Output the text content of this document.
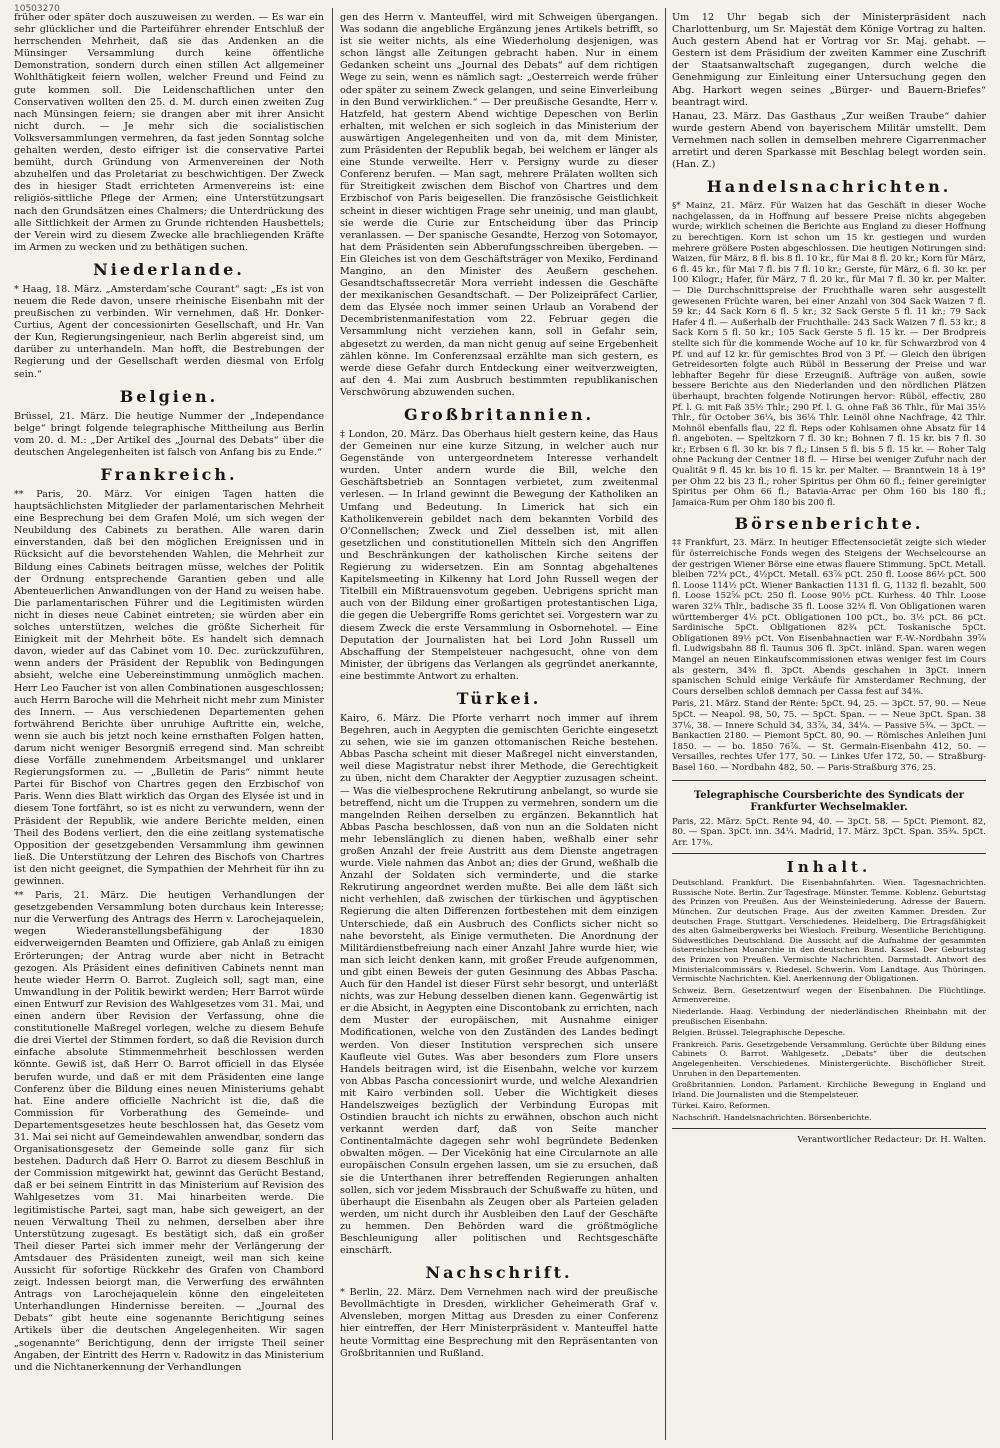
10503270

früher oder später doch auszuweisen zu werden. — Es war ein sehr glücklicher und die Parteiführer ehrender Entschluß der herrschenden Mehrheit, daß sie das Andenken an die Münsinger Versammlung durch keine öffentliche Demonstration, sondern durch einen stillen Act allgemeiner Wohlthätigkeit feiern wollen, welcher Freund und Feind zu gute kommen soll. Die Leidenschaftlichen unter den Conservativen wollten den 25. d. M. durch einen zweiten Zug nach Münsingen feiern; sie drangen aber mit ihrer Ansicht nicht durch. — Je mehr sich die socialistischen Volksversammlungen vermehren, da fast jeden Sonntag solche gehalten werden, desto eifriger ist die conservative Partei bemüht, durch Gründung von Armenvereinen der Noth abzuhelfen und das Proletariat zu beschwichtigen. Der Zweck des in hiesiger Stadt errichteten Armenvereins ist: eine religiös-sittliche Pflege der Armen; eine Unterstützungsart nach den Grundsätzen eines Chalmers; die Unterdrückung des alle Sittlichkeit der Armen zu Grunde richtenden Hausbettels; der Verein wird zu diesem Zwecke alle brachliegenden Kräfte im Armen zu wecken und zu bethätigen suchen.

Niederlande.

* Haag, 18. März. „Amsterdam'sche Courant“ sagt: „Es ist von neuem die Rede davon, unsere rheinische Eisenbahn mit der preußischen zu verbinden. Wir vernehmen, daß Hr. Donker-Curtius, Agent der concessionirten Gesellschaft, und Hr. Van der Kun, Regierungsingenieur, nach Berlin abgereist sind, um darüber zu unterhandeln. Man hofft, die Bestrebungen der Regierung und der Gesellschaft werden diesmal von Erfolg sein.“

Belgien.

Brüssel, 21. März. Die heutige Nummer der „Independance belge“ bringt folgende telegraphische Mittheilung aus Berlin vom 20. d. M.: „Der Artikel des „Journal des Debats“ über die deutschen Angelegenheiten ist falsch von Anfang bis zu Ende.“

Frankreich.

** Paris, 20. März. Vor einigen Tagen hatten die hauptsächlichsten Mitglieder der parlamentarischen Mehrheit eine Besprechung bei dem Grafen Molé, um sich wegen der Neubildung des Cabinets zu berathen. Alle waren darin einverstanden, daß bei den möglichen Ereignissen und in Rücksicht auf die bevorstehenden Wahlen, die Mehrheit zur Bildung eines Cabinets beitragen müsse, welches der Politik der Ordnung entsprechende Garantien geben und alle Abenteuerlichen Anwandlungen von der Hand zu weisen habe. Die parlamentarischen Führer und die Legitimisten würden nicht in dieses neue Cabinet eintreten; sie würden aber ein solches unterstützen, welches die größte Sicherheit für Einigkeit mit der Mehrheit böte. Es handelt sich demnach davon, wieder auf das Cabinet vom 10. Dec. zurückzuführen, wenn anders der Präsident der Republik von Bedingungen absieht, welche eine Uebereinstimmung unmöglich machen. Herr Leo Faucher ist von allen Combinationen ausgeschlossen; auch Herrn Baroche will die Mehrheit nicht mehr zum Minister des Innern. — Aus verschiedenen Departementen gehen fortwährend Berichte über unruhige Auftritte ein, welche, wenn sie auch bis jetzt noch keine ernsthaften Folgen hatten, darum nicht weniger Besorgniß erregend sind. Man schreibt diese Vorfälle zunehmendem Arbeitsmangel und unklarer Regierungsformen zu. — „Bulletin de Paris“ nimmt heute Partei für Bischof von Chartres gegen den Erzbischof von Paris. Wenn dies Blatt wirklich das Organ des Elysée ist und in diesem Tone fortfährt, so ist es nicht zu verwundern, wenn der Präsident der Republik, wie andere Berichte melden, einen Theil des Bodens verliert, den die eine zeitlang systematische Opposition der gesetzgebenden Versammlung ihm gewinnen ließ. Die Unterstützung der Lehren des Bischofs von Chartres ist den nicht geeignet, die Sympathien der Mehrheit für ihn zu gewinnen.

** Paris, 21. März. Die heutigen Verhandlungen der gesetzgebenden Versammlung boten durchaus kein Interesse; nur die Verwerfung des Antrags des Herrn v. Larochejaquelein, wegen Wiederanstellungsbefähigung der 1830 eidverweigernden Beamten und Offiziere, gab Anlaß zu einigen Erörterungen; der Antrag wurde aber nicht in Betracht gezogen. Als Präsident eines definitiven Cabinets nennt man heute wieder Herrn O. Barrot. Zugleich soll, sagt man, eine Umwandlung in der Politik bewirkt werden; Herr Barrot würde einen Entwurf zur Revision des Wahlgesetzes vom 31. Mai, und einen andern über Revision der Verfassung, ohne die constitutionelle Maßregel vorlegen, welche zu diesem Behufe die drei Viertel der Stimmen fordert, so daß die Revision durch einfache absolute Stimmenmehrheit beschlossen werden könnte. Gewiß ist, daß Herr O. Barrot officiell in das Elysée berufen wurde, und daß er mit dem Präsidenten eine lange Conferenz über die Bildung eines neuen Ministeriums gehabt hat. Eine andere officielle Nachricht ist die, daß die Commission für Vorberathung des Gemeinde- und Departementsgesetzes heute beschlossen hat, das Gesetz vom 31. Mai sei nicht auf Gemeindewahlen anwendbar, sondern das Organisationsgesetz der Gemeinde solle ganz für sich bestehen. Dadurch daß Herr O. Barrot zu diesem Beschluß in der Commission mitgewirkt hat, gewinnt das Gerücht Bestand, daß er bei seinem Eintritt in das Ministerium auf Revision des Wahlgesetzes vom 31. Mai hinarbeiten werde. Die legitimistische Partei, sagt man, habe sich geweigert, an der neuen Verwaltung Theil zu nehmen, derselben aber ihre Unterstützung zugesagt. Es bestätigt sich, daß ein großer Theil dieser Partei sich immer mehr der Verlängerung der Amtsdauer des Präsidenten zuneigt, weil man sich keine Aussicht für sofortige Rückkehr des Grafen von Chambord zeigt. Indessen beiorgt man, die Verwerfung des erwähnten Antrags von Larochejaquelein könne den eingeleiteten Unterhandlungen Hindernisse bereiten. — „Journal des Debats“ gibt heute eine sogenannte Berichtigung seines Artikels über die deutschen Angelegenheiten. Wir sagen „sogenannte“ Berichtigung, denn der irrigste Theil seiner Angaben, der Eintritt des Herrn v. Radowitz in das Ministerium und die Nichtanerkennung der Verhandlungen

gen des Herrn v. Manteuffel, wird mit Schweigen übergangen. Was sodann die angebliche Ergänzung jenes Artikels betrifft, so ist sie weiter nichts, als eine Wiederholung desjenigen, was schon längst alle Zeitungen gebracht haben. Nur in einem Gedanken scheint uns „Journal des Debats“ auf dem richtigen Wege zu sein, wenn es nämlich sagt: „Oesterreich werde früher oder später zu seinem Zweck gelangen, und seine Einverleibung in den Bund verwirklichen.“ — Der preußische Gesandte, Herr v. Hatzfeld, hat gestern Abend wichtige Depeschen von Berlin erhalten, mit welchen er sich sogleich in das Ministerium der auswärtigen Angelegenheiten und von da, mit dem Minister, zum Präsidenten der Republik begab, bei welchem er länger als eine Stunde verweilte. Herr v. Persigny wurde zu dieser Conferenz berufen. — Man sagt, mehrere Prälaten wollten sich für Streitigkeit zwischen dem Bischof von Chartres und dem Erzbischof von Paris beigesellen. Die französische Geistlichkeit scheint in dieser wichtigen Frage sehr uneinig, und man glaubt, sie werde die Curie zur Entscheidung über das Princip veranlassen. — Der spanische Gesandte, Herzog von Sotomayor, hat dem Präsidenten sein Abberufungsschreiben übergeben. — Ein Gleiches ist von dem Geschäftsträger von Mexiko, Ferdinand Mangino, an den Minister des Aeußern geschehen. Gesandtschaftssecretär Mora verrieht indessen die Geschäfte der mexikanischen Gesandtschaft. — Der Polizeipräfect Carlier, dem das Elysée noch immer seinen Urlaub an Vorabend der Decembristenmanifestation vom 22. Februar gegen die Versammlung nicht verziehen kann, soll in Gefahr sein, abgesetzt zu werden, da man nicht genug auf seine Ergebenheit zählen könne. Im Conferenzsaal erzählte man sich gestern, es werde diese Gefahr durch Entdeckung einer weitverzweigten, auf den 4. Mai zum Ausbruch bestimmten republikanischen Verschwörung abzuwenden suchen.

Großbritannien.

‡ London, 20. März. Das Oberhaus hielt gestern keine, das Haus der Gemeinen nur eine kurze Sitzung, in welcher auch nur Gegenstände von untergeordnetem Interesse verhandelt wurden. Unter andern wurde die Bill, welche den Geschäftsbetrieb an Sonntagen verbietet, zum zweitenmal verlesen. — In Irland gewinnt die Bewegung der Katholiken an Umfang und Bedeutung. In Limerick hat sich ein Katholikenverein gebildet nach dem bekannten Vorbild des O'Connellschen; Zweck und Ziel desselben ist, mit allen gesetzlichen und constitutionellen Mitteln sich den Angriffen und Beschränkungen der katholischen Kirche seitens der Regierung zu widersetzen. Ein am Sonntag abgehaltenes Kapitelsmeeting in Kilkenny hat Lord John Russell wegen der Titelbill ein Mißtrauensvotum gegeben. Uebrigens spricht man auch von der Bildung einer großartigen protestantischen Liga, die gegen die Uebergriffe Roms gerichtet sei. Vorgestern war zu diesem Zweck die erste Versammlung in Osbornehotel. — Eine Deputation der Journalisten hat bei Lord John Russell um Abschaffung der Stempelsteuer nachgesucht, ohne von dem Minister, der übrigens das Verlangen als gegründet anerkannte, eine bestimmte Antwort zu erhalten.

Türkei.

Kairo, 6. März. Die Pforte verharrt noch immer auf ihrem Begehren, auch in Aegypten die gemischten Gerichte eingesetzt zu sehen, wie sie im ganzen ottomanischen Reiche bestehen. Abbas Pascha scheint mit dieser Maßregel nicht einverstanden, weil diese Magistratur nebst ihrer Methode, die Gerechtigkeit zu üben, nicht dem Charakter der Aegyptier zuzusagen scheint. — Was die vielbesprochene Rekrutirung anbelangt, so wurde sie betreffend, nicht um die Truppen zu vermehren, sondern um die mangelnden Reihen derselben zu ergänzen. Bekanntlich hat Abbas Pascha beschlossen, daß von nun an die Soldaten nicht mehr lebenslänglich zu dienen haben, weßhalb einer sehr großen Anzahl der freie Austritt aus dem Dienste angetragen wurde. Viele nahmen das Anbot an; dies der Grund, weßhalb die Anzahl der Soldaten sich verminderte, und die starke Rekrutirung angeordnet werden mußte. Bei alle dem läßt sich nicht verhehlen, daß zwischen der türkischen und ägyptischen Regierung die alten Differenzen fortbestehen mit dem einzigen Unterschiede, daß ein Ausbruch des Conflicts sicher nicht so nahe bevorsteht, als Einige vermutheten. Die Anordnung der Militärdienstbefreiung nach einer Anzahl Jahre wurde hier, wie man sich leicht denken kann, mit großer Freude aufgenommen, und gibt einen Beweis der guten Gesinnung des Abbas Pascha. Auch für den Handel ist dieser Fürst sehr besorgt, und unterläßt nichts, was zur Hebung desselben dienen kann. Gegenwärtig ist er die Absicht, in Aegypten eine Discontobank zu errichten, nach dem Muster der europäischen, mit Ausnahme einiger Modificationen, welche von den Zuständen des Landes bedingt werden. Von dieser Institution versprechen sich unsere Kaufleute viel Gutes. Was aber besonders zum Flore unsers Handels beitragen wird, ist die Eisenbahn, welche vor kurzem von Abbas Pascha concessionirt wurde, und welche Alexandrien mit Kairo verbinden soll. Ueber die Wichtigkeit dieses Handelszweiges bezüglich der Verbindung Europas mit Ostindien braucht ich nichts zu erwähnen, obschon auch nicht verkannt werden darf, daß von Seite mancher Continentalmächte dagegen sehr wohl begründete Bedenken obwalten mögen. — Der Vicekönig hat eine Circularnote an alle europäischen Consuln ergehen lassen, um sie zu ersuchen, daß sie die Unterthanen ihrer betreffenden Regierungen anhalten sollen, sich vor jedem Missbrauch der Schußwaffe zu hüten, und überhaupt die Eisenbahn als Zeugen ober als Parteien geladen werden, um nicht durch ihr Ausbleiben den Lauf der Geschäfte zu hemmen. Den Behörden ward die größtmögliche Beschleunigung aller politischen und Rechtsgeschäfte einschärft.

Nachschrift.

* Berlin, 22. März. Dem Vernehmen nach wird der preußische Bevollmächtigte in Dresden, wirklicher Geheimerath Graf v. Alvensleben, morgen Mittag aus Dresden zu einer Conferenz hier eintreffen, der Herr Ministerpräsident v. Manteuffel hatte heute Vormittag eine Besprechung mit den Repräsentanten von Großbritannien und Rußland.

Um 12 Uhr begab sich der Ministerpräsident nach Charlottenburg, um Sr. Majestät dem Könige Vortrag zu halten. Auch gestern Abend hat er Vortrag vor Sr. Maj. gehabt. — Gestern ist dem Präsidium der zweiten Kammer eine Zuschrift der Staatsanwaltschaft zugegangen, durch welche die Genehmigung zur Einleitung einer Untersuchung gegen den Abg. Harkort wegen seines „Bürger- und Bauern-Briefes“ beantragt wird.

Hanau, 23. März. Das Gasthaus „Zur weißen Traube“ dahier wurde gestern Abend von bayerischem Militär umstellt. Dem Vernehmen nach sollen in demselben mehrere Cigarrenmacher arretirt und deren Sparkasse mit Beschlag belegt worden sein. (Han. Z.)

Handelsnachrichten.

§* Mainz, 21. März. Für Waizen hat das Geschäft in dieser Woche nachgelassen, da in Hoffnung auf bessere Preise nichts abgegeben wurde; wirklich scheinen die Berichte aus England zu dieser Hoffnung zu berechtigen. Korn ist schon um 15 kr. gestiegen und wurden mehrere größere Posten abgeschlossen. Die heutigen Notirungen sind: Waizen, für März, 8 fl. bis 8 fl. 10 kr., für Mai 8 fl. 20 kr.; Korn für März, 6 fl. 45 kr., für Mai 7 fl. bis 7 fl. 10 kr.; Gerste, für März, 6 fl. 30 kr. per 100 Kilogr.; Hafer, für März, 7 fl. 20 kr., für Mai 7 fl. 30 kr. per Malter. — Die Durchschnittspreise der Fruchthalle waren sehr ausgestellt gewesenen Früchte waren, bei einer Anzahl von 304 Sack Waizen 7 fl. 59 kr.; 44 Sack Korn 6 fl. 5 kr.; 32 Sack Gerste 5 fl. 11 kr.; 79 Sack Hafer 4 fl. — Außerhalb der Fruchthalle: 243 Sack Waizen 7 fl. 53 kr.; 8 Sack Korn 5 fl. 50 kr.; 105 Sack Gerste 5 fl. 15 kr. — Der Brodpreis stellte sich für die kommende Woche auf 10 kr. für Schwarzbrod von 4 Pf. und auf 12 kr. für gemischtes Brod von 3 Pf. — Gleich den übrigen Getreidesorten folgte auch Rüböl in Besserung der Preise und war lebhafter Begehr für diese Erzeugniß. Aufträge von außen, sowie bessere Berichte aus den Niederlanden und den nördlichen Plätzen überhaupt, brachten folgende Notirungen hervor: Rüböl, effectiv, 280 Pf. l. G. mit Faß 35½ Thlr.; 290 Pf. l. G. ohne Faß 36 Thlr., für Mai 35½ Thlr., für October 36¼, bis 36⅛ Thlr. Leinöl ohne Nachfrage, 42 Thlr. Mohnöl ebenfalls flau, 22 fl. Reps oder Kohlsamen ohne Absatz für 14 fl. angeboten. — Speltzkorn 7 fl. 30 kr.; Bohnen 7 fl. 15 kr. bis 7 fl. 30 kr.; Erbsen 6 fl. 30 kr. bis 7 fl.; Linsen 5 fl. bis 5 fl. 15 kr. — Roher Talg ohne Packung der Centner 18 fl. — Hirse bei weniger Zufuhr nach der Qualität 9 fl. 45 kr. bis 10 fl. 15 kr. per Malter. — Branntwein 18 à 19° per Ohm 22 bis 23 fl.; roher Spiritus per Ohm 60 fl.; feiner gereinigter Spiritus per Ohm 66 fl.; Batavia-Arrac per Ohm 160 bis 180 fl.; Jamaica-Rum per Ohm 180 bis 200 fl.

Börsenberichte.

‡‡ Frankfurt, 23. März. In heutiger Effectensocietät zeigte sich wieder für österreichische Fonds wegen des Steigens der Wechselcourse an der gestrigen Wiener Börse eine etwas flauere Stimmung. 5pCt. Metall. bleiben 72¼ pCt., 4½pCt. Metall. 63⅞ pCt. 250 fl. Loose 86½ pCt. 500 fl. Loose 114½ pCt. Wiener Bankactien 1131 fl. G, 1132 fl. bezahlt, 500 fl. Loose 152⅝ pCt. 250 fl. Loose 90½ pCt. Kurhess. 40 Thlr. Loose waren 32¼ Thlr., badische 35 fl. Loose 32¼ fl. Von Obligationen waren württemberger 4½ pCt. Obligationen 100 pCt., bo. 3½ pCt. 86 pCt. Sardinische 5pCt. Obligationen 82¾ pCt. Toskanische 5pCt. Obligationen 89½ pCt. Von Eisenbahnactien war F.-W.-Nordbahn 39⅞ fl. Ludwigsbahn 88 fl. Taunus 306 fl. 3pCt. inländ. Span. waren wegen Mangel an neuen Einkaufscommissionen etwas weniger fest im Cours als gestern, 34⅜ fl. 3pCt. Abends geschahen in 3pCt. innern spanischen Schuld einige Verkäufe für Amsterdamer Rechnung, der Cours derselben schloß demnach per Cassa fest auf 34⅜.

Paris, 21. März. Stand der Rente: 5pCt. 94, 25. — 3pCt. 57, 90. — Neue 5pCt. — Neapol. 98, 50, 75. — 5pCt. Span. — — Neue 3pCt. Span. 38 37⅛, 38. — Innere Schuld 34, 33⅞, 34, 34¼. — Passive 5¾. — 3pCt. — Bankactien 2180. — Piemont 5pCt. 80, 90. — Römisches Anleihen Juni 1850. — — bo. 1850 76⅞. — St. Germain-Eisenbahn 412, 50. — Versailles, rechtes Ufer 177, 50. — Linkes Ufer 172, 50. — Straßburg-Basel 160. — Nordbahn 482, 50. — Paris-Straßburg 376, 25.

Telegraphische Coursberichte des Syndicats der Frankfurter Wechselmakler.

Paris, 22. März. 5pCt. Rente 94, 40. — 3pCt. 58. — 5pCt. Piemont. 82, 80. — Span. 3pCt. inn. 34¼. Madrid, 17. März. 3pCt. Span. 35¾. 5pCt. Arr. 17⅜.

Inhalt.

Deutschland. Frankfurt. Die Eisenbahnfahrten. Wien. Tagesnachrichten. Russische Note. Berlin. Zur Tagesfrage. Münster. Temme. Koblenz. Geburtstag des Prinzen von Preußen. Aus der Weinsteinlederung. Adresse der Bauern. München. Zur deutschen Frage. Aus der zweiten Kammer. Dresden. Zur deutschen Frage. Stuttgart. Verschiedenes. Heidelberg. Die Ertragsfähigkeit des alten Galmeibergwerks bei Wiesloch. Freiburg. Wesentliche Berichtigung. Südwestliches Deutschland. Die Aussicht auf die Aufnahme der gesammten österreichischen Monarchie in den deutschen Bund. Kassel. Der Geburtstag des Prinzen von Preußen. Vermischte Nachrichten. Darmstadt. Antwort des Ministerialcommissärs v. Riedesel. Schwerin. Vom Landtage. Aus Thüringen. Vermischte Nachrichten. Kiel. Anerkennung der Obligationen.

Schweiz. Bern. Gesetzentwurf wegen der Eisenbahnen. Die Flüchtlinge. Armenvereine.

Niederlande. Haag. Verbindung der niederländischen Rheinbahn mit der preußischen Eisenbahn.

Belgien. Brüssel. Telegraphische Depesche.

Frankreich. Paris. Gesetzgebende Versammlung. Gerüchte über Bildung eines Cabinets O. Barrot. Wahlgesetz. „Debats“ über die deutschen Angelegenheiten. Verschiedenes. Ministergerüchte. Bischöflicher Streit. Unruhen in den Departementen.

Großbritannien. London. Parlament. Kirchliche Bewegung in England und Irland. Die Journalisten und die Stempelsteuer.

Türkei. Kairo. Reformen.

Nachschrift. Handelsnachrichten. Börsenberichte.

Verantwortlicher Redacteur: Dr. H. Walten.
